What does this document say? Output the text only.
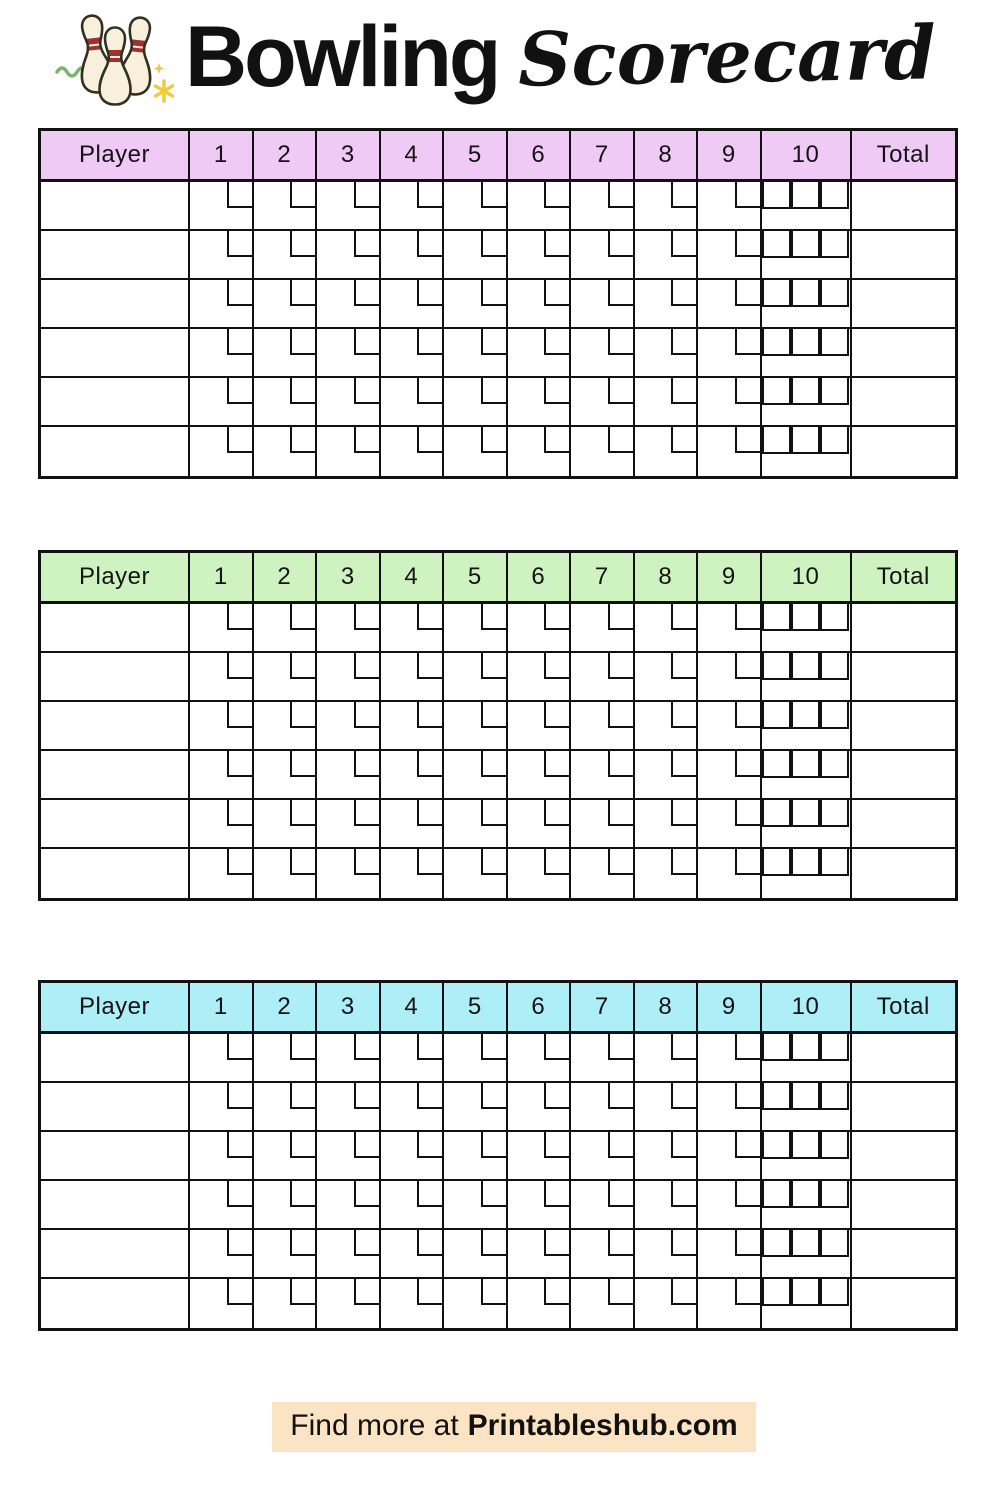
Bowling Scorecard
Player	1	2	3	4	5	6	7	8	9	10	Total
Player	1	2	3	4	5	6	7	8	9	10	Total
Player	1	2	3	4	5	6	7	8	9	10	Total
Find more at Printableshub.com
